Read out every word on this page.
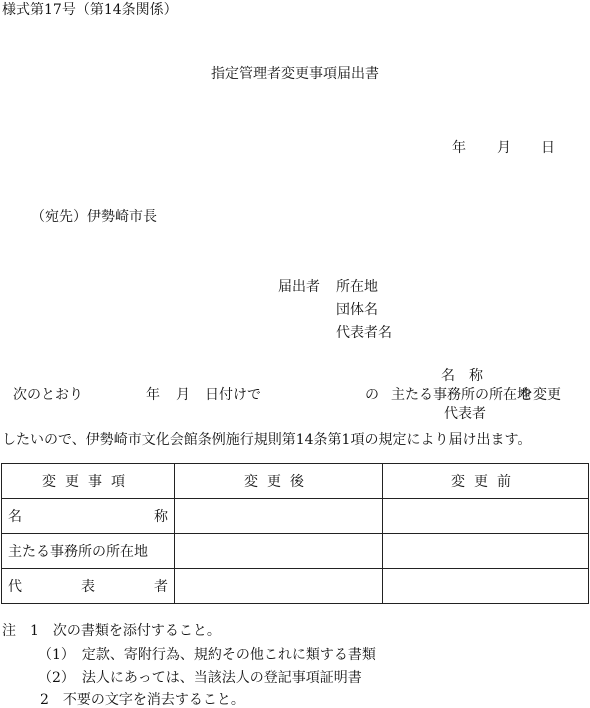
様式第17号（第14条関係）
指定管理者変更事項届出書
年 月 日
（宛先）伊勢崎市長
届出者 所在地
団体名
代表者名
名　称
次のとおり	年 月 日付けで	の 主たる事務所の所在地
を変更
代表者
したいので、伊勢崎市文化会館条例施行規則第14条第1項の規定により届け出ます。
変更事項	変更後	変更前

名 称		

主たる事務所の所在地		

代 表 者		

注　1　次の書類を添付すること。
（1）　定款、寄附行為、規約その他これに類する書類
（2）　法人にあっては、当該法人の登記事項証明書
2　不要の文字を消去すること。
